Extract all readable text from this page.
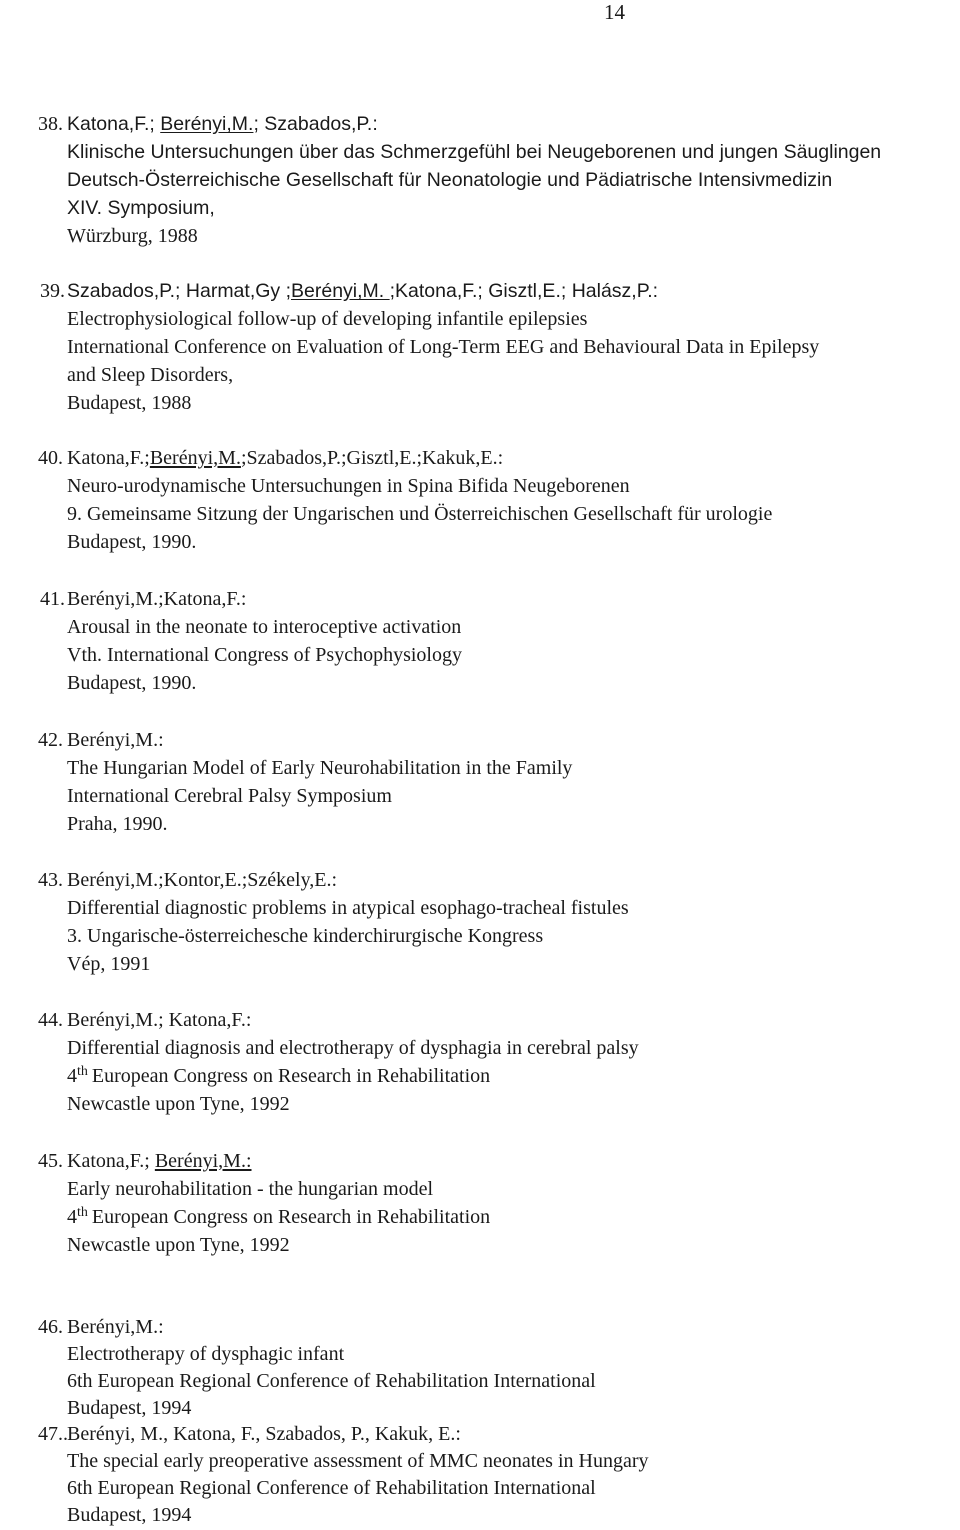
14
38. Katona,F.; Berényi,M.; Szabados,P.:
Klinische Untersuchungen über das Schmerzgefühl bei Neugeborenen und jungen Säuglingen
Deutsch-Österreichische Gesellschaft für Neonatologie und Pädiatrische Intensivmedizin
XIV. Symposium,
Würzburg, 1988
39. Szabados,P.; Harmat,Gy ;Berényi,M. ;Katona,F.; Gisztl,E.; Halász,P.:
Electrophysiological follow-up of developing infantile epilepsies
International Conference on Evaluation of Long-Term EEG and Behavioural Data in Epilepsy
and Sleep Disorders,
Budapest, 1988
40. Katona,F.;Berényi,M.;Szabados,P.;Gisztl,E.;Kakuk,E.:
Neuro-urodynamische Untersuchungen in Spina Bifida Neugeborenen
9. Gemeinsame Sitzung der Ungarischen und Österreichischen Gesellschaft für urologie
Budapest, 1990.
41. Berényi,M.;Katona,F.:
Arousal in the neonate to interoceptive activation
Vth. International Congress of Psychophysiology
Budapest, 1990.
42. Berényi,M.:
The Hungarian Model of Early Neurohabilitation in the Family
International Cerebral Palsy Symposium
Praha, 1990.
43. Berényi,M.;Kontor,E.;Székely,E.:
Differential diagnostic problems in atypical esophago-tracheal fistules
3. Ungarische-österreichesche kinderchirurgische Kongress
Vép, 1991
44. Berényi,M.; Katona,F.:
Differential diagnosis and electrotherapy of dysphagia in cerebral palsy
4th European Congress on Research in Rehabilitation
Newcastle upon Tyne, 1992
45. Katona,F.; Berényi,M.:
Early neurohabilitation - the hungarian model
4th European Congress on Research in Rehabilitation
Newcastle upon Tyne, 1992
46. Berényi,M.:
Electrotherapy of dysphagic infant
6th European Regional Conference of Rehabilitation International
Budapest, 1994
47.. Berényi, M., Katona, F., Szabados, P., Kakuk, E.:
The special early preoperative assessment of MMC neonates in Hungary
6th European Regional Conference of Rehabilitation International
Budapest, 1994
